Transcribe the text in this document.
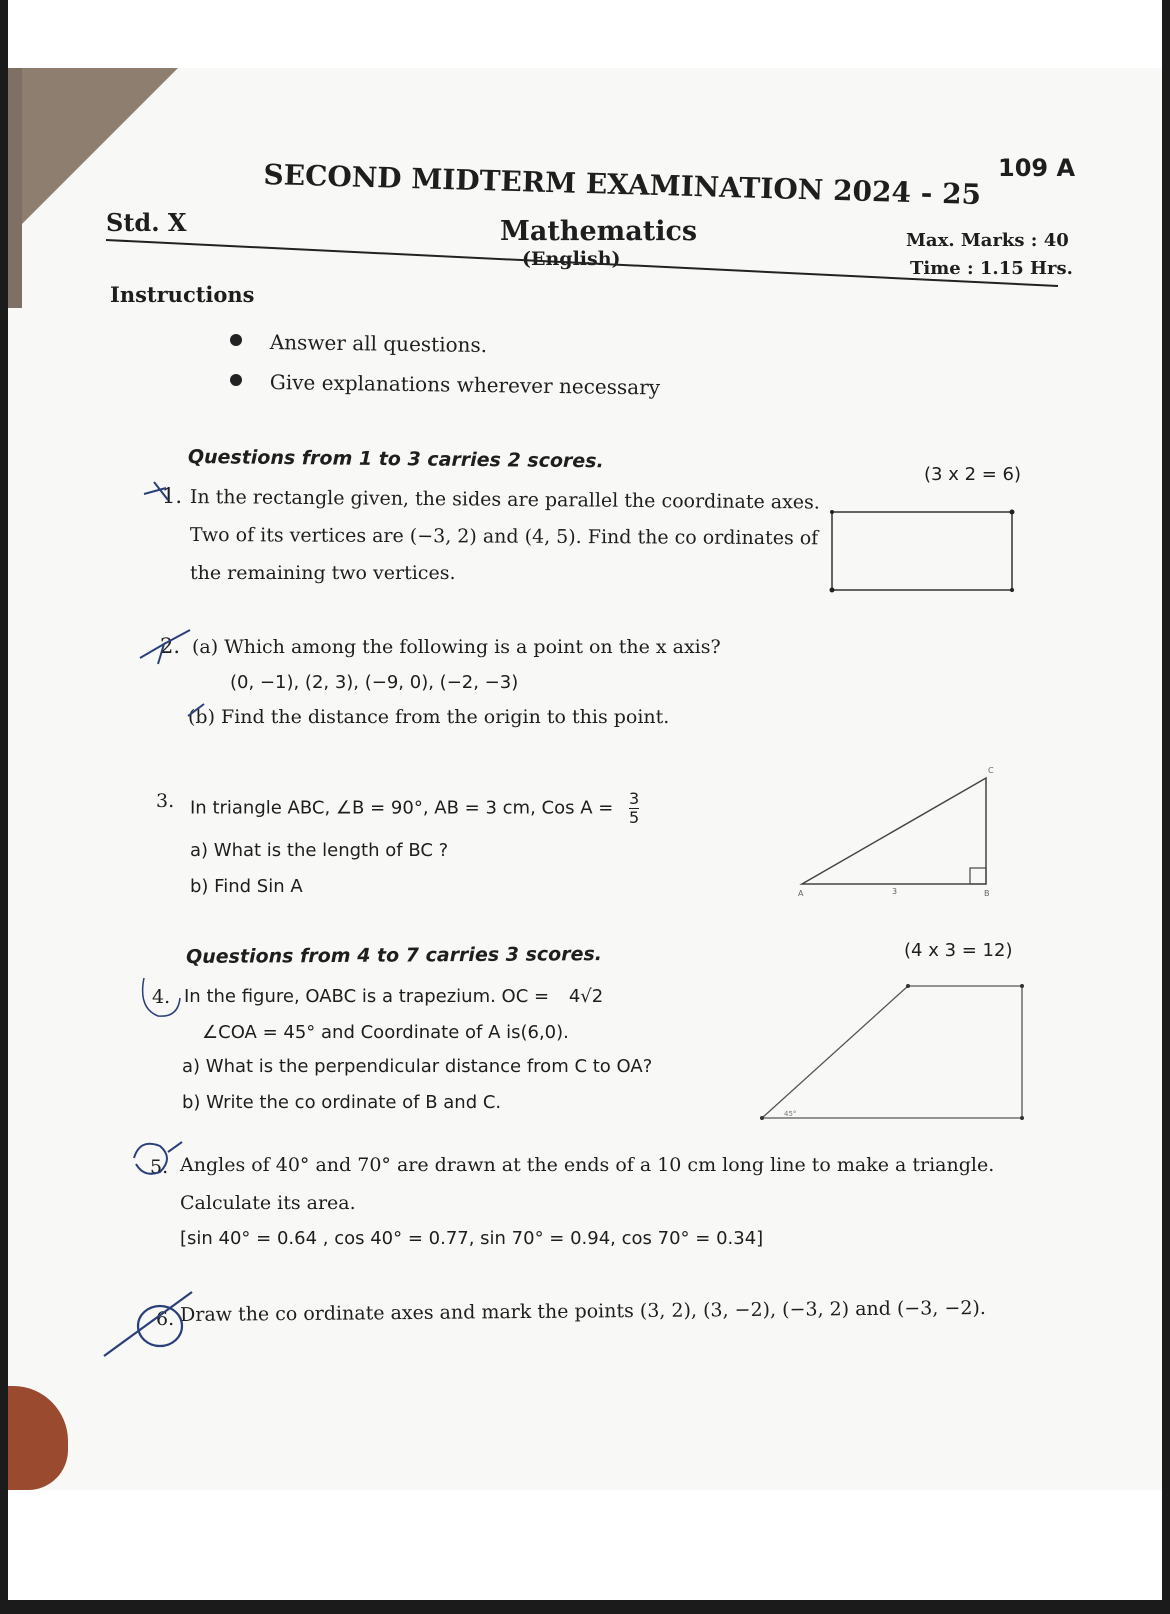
109 A
SECOND MIDTERM EXAMINATION 2024 - 25
Std. X	Mathematics
(English)
Max. Marks : 40
Time : 1.15 Hrs.
Instructions
Answer all questions.
Give explanations wherever necessary
Questions from 1 to 3 carries 2 scores.
(3 x 2 = 6)
1. In the rectangle given, the sides are parallel the coordinate axes.
Two of its vertices are (−3, 2) and (4, 5). Find the co ordinates of
the remaining two vertices.
2. (a) Which among the following is a point on the x axis?
(0, −1), (2, 3), (−9, 0), (−2, −3)
(b) Find the distance from the origin to this point.
3. In triangle ABC, ∠B = 90°, AB = 3 cm, Cos $A = \frac{3}{5}$
a) What is the length of BC ?
b) Find Sin A
C
A	B
3
Questions from 4 to 7 carries 3 scores.	(4 x 3 = 12)
4. In the figure, OABC is a trapezium. OC = 4√2
∠COA = 45° and Coordinate of A is(6,0).
a) What is the perpendicular distance from C to OA?
b) Write the co ordinate of B and C.
45°
5. Angles of 40° and 70° are drawn at the ends of a 10 cm long line to make a triangle.
Calculate its area.
[sin 40° = 0.64 , cos 40° = 0.77, sin 70° = 0.94, cos 70° = 0.34]
6. Draw the co ordinate axes and mark the points (3, 2), (3, −2), (−3, 2) and (−3, −2).
